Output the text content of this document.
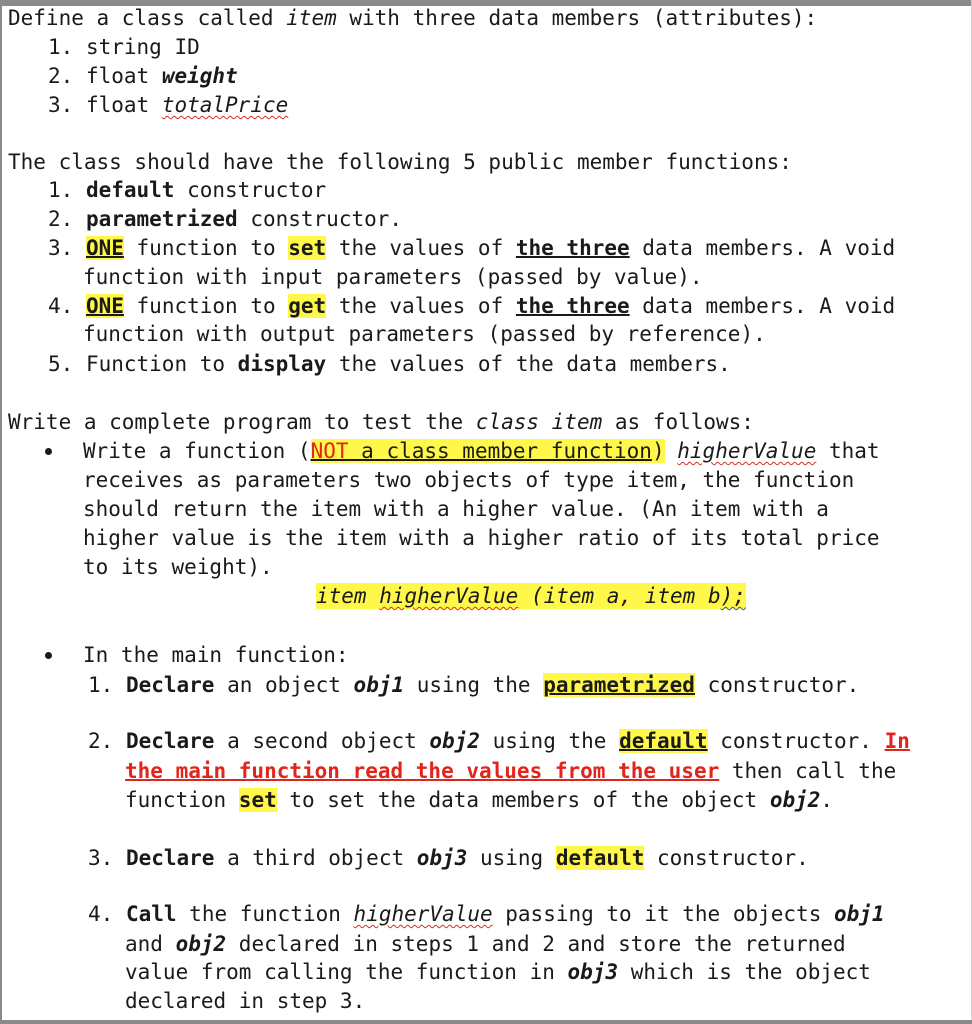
Define a class called item with three data members (attributes):
1. string ID
2. float weight
3. float totalPrice
The class should have the following 5 public member functions:
1. default constructor
2. parametrized constructor.
3. ONE function to set the values of the three data members. A void
function with input parameters (passed by value).
4. ONE function to get the values of the three data members. A void
function with output parameters (passed by reference).
5. Function to display the values of the data members.
Write a complete program to test the class item as follows:
Write a function (NOT a class member function) higherValue that
receives as parameters two objects of type item, the function
should return the item with a higher value. (An item with a
higher value is the item with a higher ratio of its total price
to its weight).
item higherValue (item a, item b);
In the main function:
1. Declare an object obj1 using the parametrized constructor.
2. Declare a second object obj2 using the default constructor. In
the main function read the values from the user then call the
function set to set the data members of the object obj2.
3. Declare a third object obj3 using default constructor.
4. Call the function higherValue passing to it the objects obj1
and obj2 declared in steps 1 and 2 and store the returned
value from calling the function in obj3 which is the object
declared in step 3.
